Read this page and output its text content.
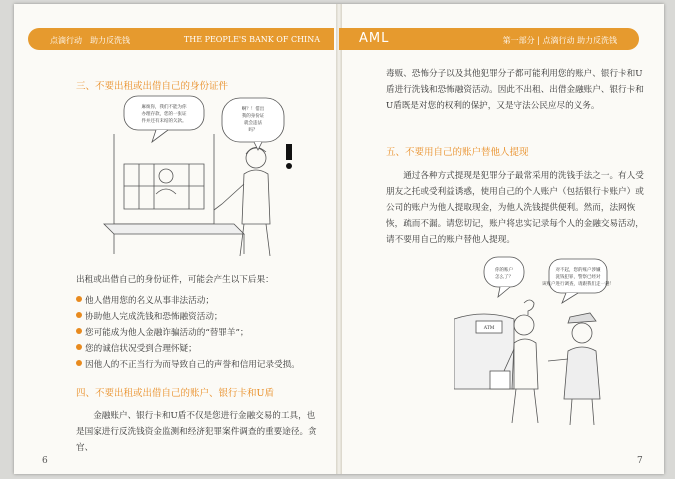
点滴行动　助力反洗钱	THE PEOPLE'S BANK OF CHINA
三、不要出租或出借自己的身份证件
麻烦你，我们不能为你
办理存款，您的一张证
件并还有未结的欠款。
啊？！借出
我的身份证
就会违法
吗？
出租或出借自己的身份证件，可能会产生以下后果：
他人借用您的名义从事非法活动；
协助他人完成洗钱和恐怖融资活动；
您可能成为他人金融诈骗活动的“替罪羊”；
您的诚信状况受到合理怀疑；
因他人的不正当行为而导致自己的声誉和信用记录受损。
四、不要出租或出借自己的账户、银行卡和U盾

金融账户、银行卡和U盾不仅是您进行金融交易的工具，也是国家进行反洗钱资金监测和经济犯罪案件调查的重要途径。贪官、

6
AML	第一部分 | 点滴行动 助力反洗钱

毒贩、恐怖分子以及其他犯罪分子都可能利用您的账户、银行卡和U盾进行洗钱和恐怖融资活动。因此不出租、出借金融账户、银行卡和U盾既是对您的权利的保护，又是守法公民应尽的义务。

五、不要用自己的账户替他人提现

通过各种方式提现是犯罪分子最常采用的洗钱手法之一。有人受朋友之托或受利益诱惑，使用自己的个人账户（包括银行卡账户）或公司的账户为他人提取现金，为他人洗钱提供便利。然而，法网恢恢，疏而不漏。请您切记，账户将忠实记录每个人的金融交易活动，请不要用自己的账户替他人提现。

你的账户
怎么了？
对不起，您的账户涉嫌
洗钱犯罪，警察已经对
该账户进行调查，请跟我们走一趟！
ATM
7
